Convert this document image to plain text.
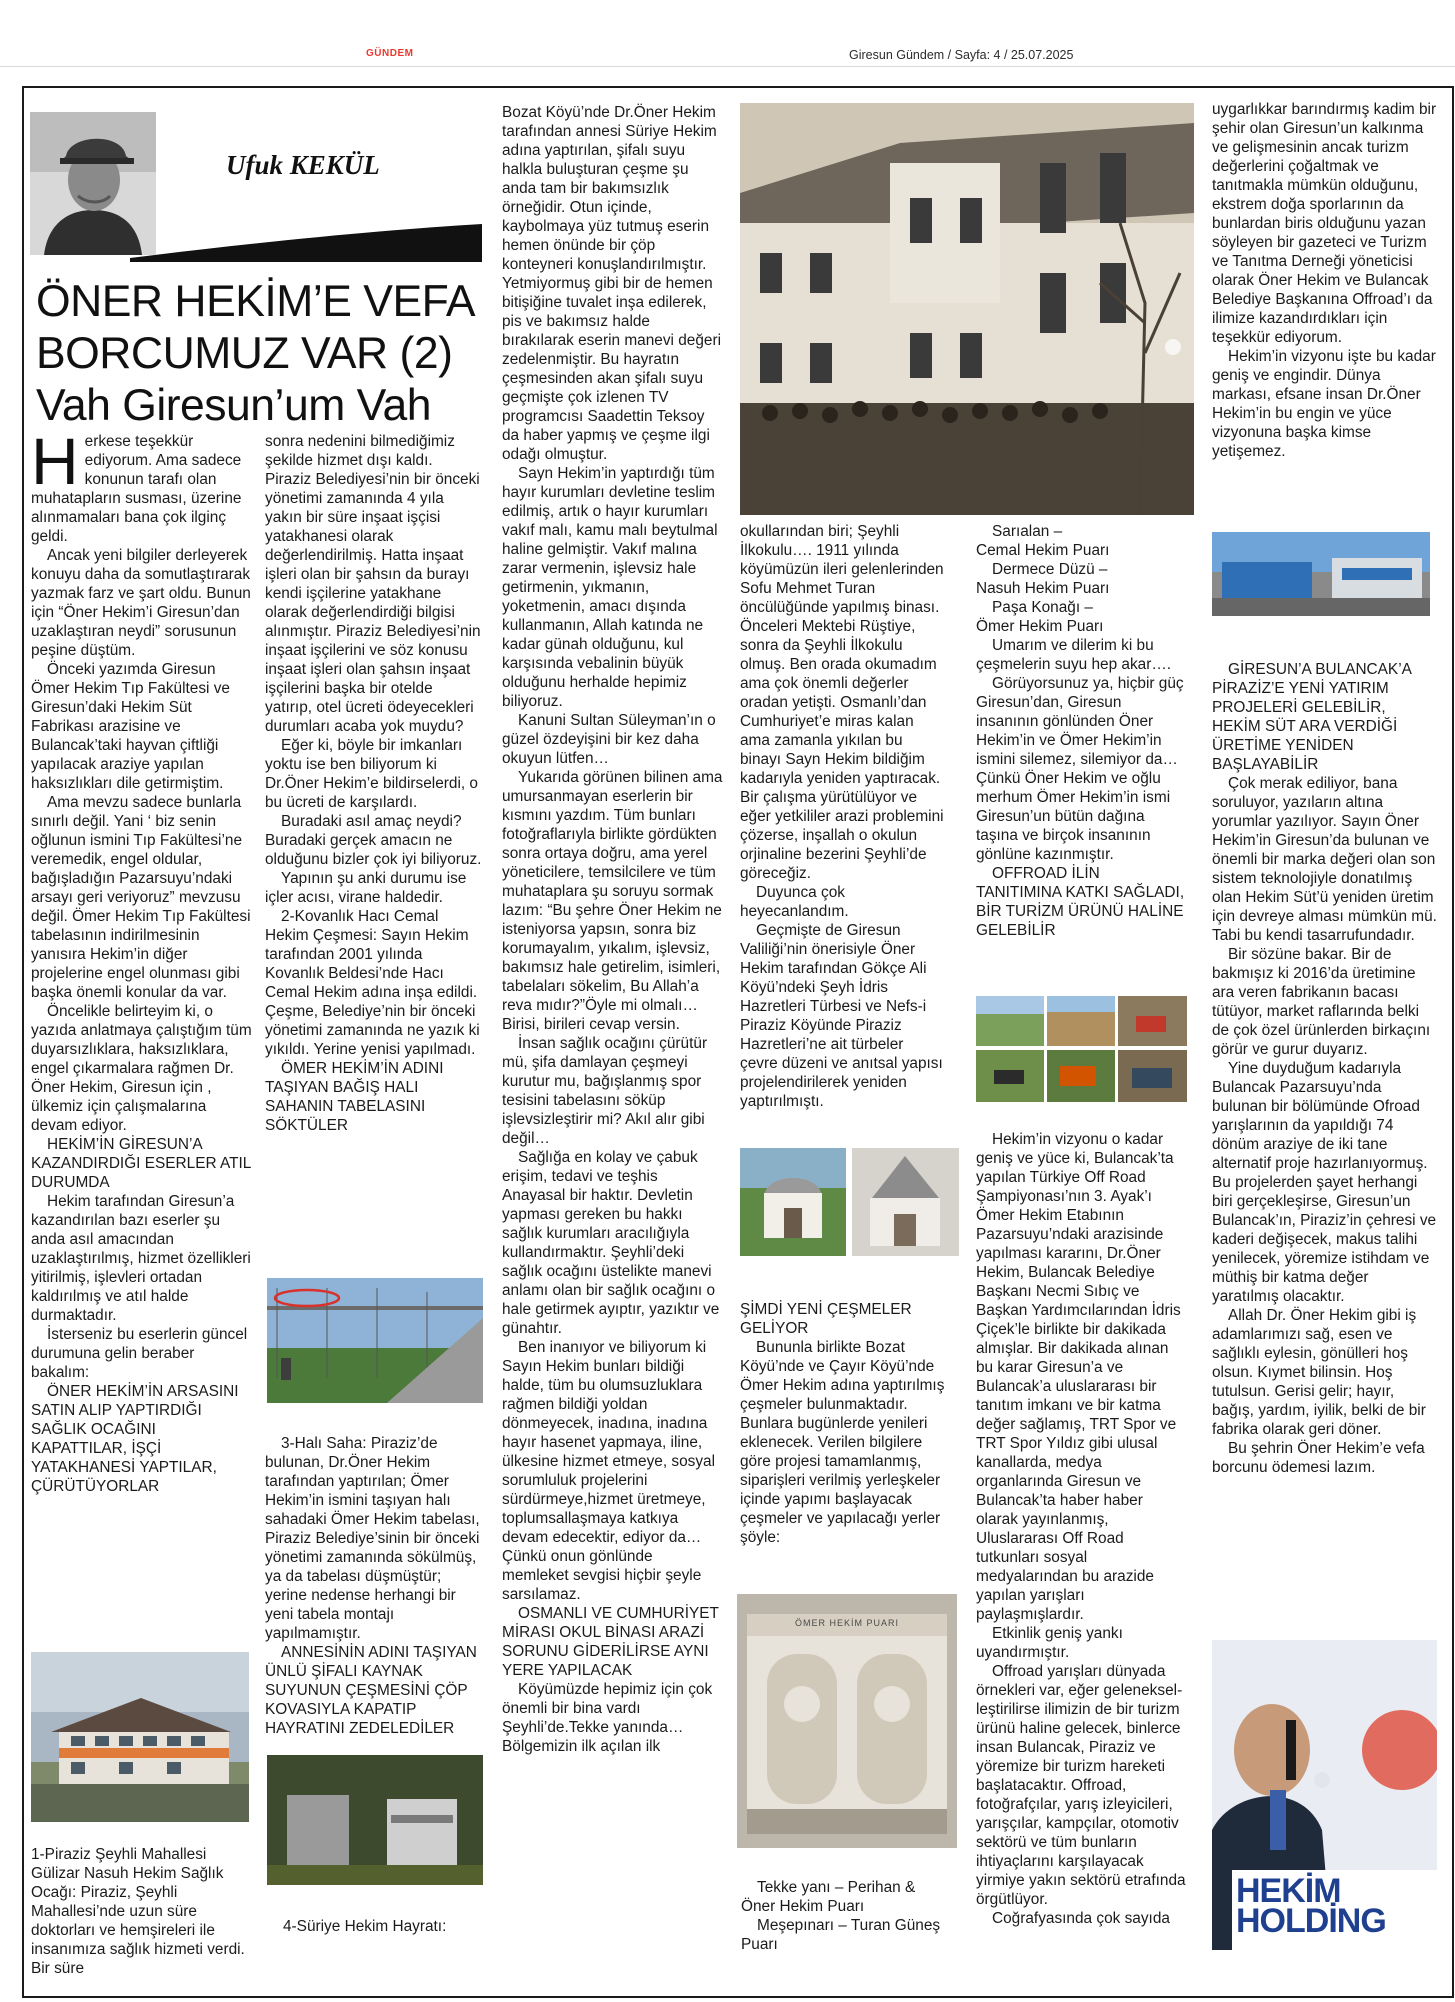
GÜNDEM	Giresun Gündem / Sayfa: 4 / 25.07.2025
Ufuk KEKÜL
ÖNER HEKİM’E VEFA
BORCUMUZ VAR (2)
Vah Giresun’um Vah
H erkese teşekkür ediyorum. Ama sadece konunun tarafı olan muhatapların susması, üzerine alınmamaları bana çok ilginç geldi.

Ancak yeni bilgiler derleyerek konuyu daha da somutlaştırarak yazmak farz ve şart oldu. Bunun için “Öner Hekim’i Giresun’dan uzaklaştıran neydi” sorusunun peşine düştüm.

Önceki yazımda Giresun Ömer Hekim Tıp Fakültesi ve Giresun’daki Hekim Süt Fabrikası arazisine ve Bulancak’taki hayvan çiftliği yapılacak araziye yapılan haksızlıkları dile getirmiştim.

Ama mevzu sadece bunlarla sınırlı değil. Yani ‘ biz senin oğlunun ismini Tıp Fakültesi’ne veremedik, engel oldular, bağışladığın Pazarsuyu’ndaki arsayı geri veriyoruz” mevzusu değil. Ömer Hekim Tıp Fakültesi tabelasının indirilmesinin yanısıra Hekim’in diğer projelerine engel olunması gibi başka önemli konular da var.

Öncelikle belirteyim ki, o yazıda anlatmaya çalıştığım tüm duyarsızlıklara, haksızlıklara, engel çıkarmalara rağmen Dr. Öner Hekim, Giresun için , ülkemiz için çalışmalarına devam ediyor.

HEKİM’İN GİRESUN’A KAZANDIRDIĞI ESERLER ATIL DURUMDA

Hekim tarafından Giresun’a kazandırılan bazı eserler şu anda asıl amacından uzaklaştırılmış, hizmet özellikleri yitirilmiş, işlevleri ortadan kaldırılmış ve atıl halde durmaktadır.

İsterseniz bu eserlerin güncel durumuna gelin beraber bakalım:

ÖNER HEKİM’İN ARSASINI SATIN ALIP YAPTIRDIĞI SAĞLIK OCAĞINI KAPATTILAR, İŞÇİ YATAKHANESİ YAPTILAR, ÇÜRÜTÜYORLAR

1-Piraziz Şeyhli Mahallesi Gülizar Nasuh Hekim Sağlık Ocağı: Piraziz, Şeyhli Mahallesi’nde uzun süre doktorları ve hemşireleri ile insanımıza sağlık hizmeti verdi. Bir süre

sonra nedenini bilmediğimiz şekilde hizmet dışı kaldı. Piraziz Belediyesi’nin bir önceki yönetimi zamanında 4 yıla yakın bir süre inşaat işçisi yatakhanesi olarak değerlendirilmiş. Hatta inşaat işleri olan bir şahsın da burayı kendi işçilerine yatakhane olarak değerlendirdiği bilgisi alınmıştır. Piraziz Belediyesi’nin inşaat işçilerini ve söz konusu inşaat işleri olan şahsın inşaat işçilerini başka bir otelde yatırıp, otel ücreti ödeyecekleri durumları acaba yok muydu?

Eğer ki, böyle bir imkanları yoktu ise ben biliyorum ki Dr.Öner Hekim’e bildirselerdi, o bu ücreti de karşılardı.

Buradaki asıl amaç neydi? Buradaki gerçek amacın ne olduğunu bizler çok iyi biliyoruz.

Yapının şu anki durumu ise içler acısı, virane haldedir.

2-Kovanlık Hacı Cemal Hekim Çeşmesi: Sayın Hekim tarafından 2001 yılında Kovanlık Beldesi’nde Hacı Cemal Hekim adına inşa edildi. Çeşme, Belediye’nin bir önceki yönetimi zamanında ne yazık ki yıkıldı. Yerine yenisi yapılmadı.

ÖMER HEKİM’İN ADINI TAŞIYAN BAĞIŞ HALI SAHANIN TABELASINI SÖKTÜLER

3-Halı Saha: Piraziz’de bulunan, Dr.Öner Hekim tarafından yaptırılan; Ömer Hekim’in ismini taşıyan halı sahadaki Ömer Hekim tabelası, Piraziz Belediye’sinin bir önceki yönetimi zamanında sökülmüş, ya da tabelası düşmüştür; yerine nedense herhangi bir yeni tabela montajı yapılmamıştır.

ANNESİNİN ADINI TAŞIYAN ÜNLÜ ŞİFALI KAYNAK SUYUNUN ÇEŞMESİNİ ÇÖP KOVASIYLA KAPATIP HAYRATINI ZEDELEDİLER

4-Süriye Hekim Hayratı:

Bozat Köyü’nde Dr.Öner Hekim tarafından annesi Süriye Hekim adına yaptırılan, şifalı suyu halkla buluşturan çeşme şu anda tam bir bakımsızlık örneğidir. Otun içinde, kaybolmaya yüz tutmuş eserin hemen önünde bir çöp konteyneri konuşlandırılmıştır. Yetmiyormuş gibi bir de hemen bitişiğine tuvalet inşa edilerek, pis ve bakımsız halde bırakılarak eserin manevi değeri zedelenmiştir. Bu hayratın çeşmesinden akan şifalı suyu geçmişte çok izlenen TV programcısı Saadettin Teksoy da haber yapmış ve çeşme ilgi odağı olmuştur.

Sayn Hekim’in yaptırdığı tüm hayır kurumları devletine teslim edilmiş, artık o hayır kurumları vakıf malı, kamu malı beytulmal haline gelmiştir. Vakıf malına zarar vermenin, işlevsiz hale getirmenin, yıkmanın, yoketmenin, amacı dışında kullanmanın, Allah katında ne kadar günah olduğunu, kul karşısında vebalinin büyük olduğunu herhalde hepimiz biliyoruz.

Kanuni Sultan Süleyman’ın o güzel özdeyişini bir kez daha okuyun lütfen…

Yukarıda görünen bilinen ama umursanmayan eserlerin bir kısmını yazdım. Tüm bunları fotoğraflarıyla birlikte gördükten sonra ortaya doğru, ama yerel yöneticilere, temsilcilere ve tüm muhataplara şu soruyu sormak lazım: “Bu şehre Öner Hekim ne isteniyorsa yapsın, sonra biz korumayalım, yıkalım, işlevsiz, bakımsız hale getirelim, isimleri, tabelaları sökelim, Bu Allah’a reva mıdır?”Öyle mi olmalı…Birisi, birileri cevap versin.

İnsan sağlık ocağını çürütür mü, şifa damlayan çeşmeyi kurutur mu, bağışlanmış spor tesisini tabelasını söküp işlevsizleştirir mi? Akıl alır gibi değil…

Sağlığa en kolay ve çabuk erişim, tedavi ve teşhis Anayasal bir haktır. Devletin yapması gereken bu hakkı sağlık kurumları aracılığıyla kullandırmaktır. Şeyhli’deki sağlık ocağını üstelikte manevi anlamı olan bir sağlık ocağını o hale getirmek ayıptır, yazıktır ve günahtır.

Ben inanıyor ve biliyorum ki Sayın Hekim bunları bildiği halde, tüm bu olumsuzluklara rağmen bildiği yoldan dönmeyecek, inadına, inadına hayır hasenet yapmaya, iline, ülkesine hizmet etmeye, sosyal sorumluluk projelerini sürdürmeye,hizmet üretmeye, toplumsallaşmaya katkıya devam edecektir, ediyor da…Çünkü onun gönlünde memleket sevgisi hiçbir şeyle sarsılamaz.

OSMANLI VE CUMHURİYET MİRASI OKUL BİNASI ARAZİ SORUNU GİDERİLİRSE AYNI YERE YAPILACAK

Köyümüzde hepimiz için çok önemli bir bina vardı Şeyhli’de.Tekke yanında… Bölgemizin ilk açılan ilk

okullarından biri; Şeyhli İlkokulu…. 1911 yılında köyümüzün ileri gelenlerinden Sofu Mehmet Turan öncülüğünde yapılmış binası. Önceleri Mektebi Rüştiye, sonra da Şeyhli İlkokulu olmuş. Ben orada okumadım ama çok önemli değerler oradan yetişti. Osmanlı’dan Cumhuriyet’e miras kalan ama zamanla yıkılan bu binayı Sayn Hekim bildiğim kadarıyla yeniden yaptıracak. Bir çalışma yürütülüyor ve eğer yetkililer arazi problemini çözerse, inşallah o okulun orjinaline bezerini Şeyhli’de göreceğiz.

Duyunca çok heyecanlandım.

Geçmişte de Giresun Valiliği’nin önerisiyle Öner Hekim tarafından Gökçe Ali Köyü’ndeki Şeyh İdris Hazretleri Türbesi ve Nefs-i Piraziz Köyünde Piraziz Hazretleri’ne ait türbeler çevre düzeni ve anıtsal yapısı projelendirilerek yeniden yaptırılmıştı.

ŞİMDİ YENİ ÇEŞMELER GELİYOR

Bununla birlikte Bozat Köyü’nde ve Çayır Köyü’nde Ömer Hekim adına yaptırılmış çeşmeler bulunmaktadır. Bunlara bugünlerde yenileri eklenecek. Verilen bilgilere göre projesi tamamlanmış, siparişleri verilmiş yerleşkeler içinde yapımı başlayacak çeşmeler ve yapılacağı yerler şöyle:

ÖMER HEKİM PUARI

Tekke yanı – Perihan & Öner Hekim Puarı

Meşepınarı – Turan Güneş Puarı

Sarıalan –

Cemal Hekim Puarı

Dermece Düzü –

Nasuh Hekim Puarı

Paşa Konağı –

Ömer Hekim Puarı

Umarım ve dilerim ki bu çeşmelerin suyu hep akar….

Görüyorsunuz ya, hiçbir güç Giresun’dan, Giresun insanının gönlünden Öner Hekim’in ve Ömer Hekim’in ismini silemez, silemiyor da… Çünkü Öner Hekim ve oğlu merhum Ömer Hekim’in ismi Giresun’un bütün dağına taşına ve birçok insanının gönlüne kazınmıştır.

OFFROAD İLİN TANITIMINA KATKI SAĞLADI, BİR TURİZM ÜRÜNÜ HALİNE GELEBİLİR

Hekim’in vizyonu o kadar geniş ve yüce ki, Bulancak’ta yapılan Türkiye Off Road Şampiyonası’nın 3. Ayak’ı Ömer Hekim Etabının Pazarsuyu’ndaki arazisinde yapılması kararını, Dr.Öner Hekim, Bulancak Belediye Başkanı Necmi Sıbıç ve Başkan Yardımcılarından İdris Çiçek’le birlikte bir dakikada almışlar. Bir dakikada alınan bu karar Giresun’a ve Bulancak’a uluslararası bir tanıtım imkanı ve bir katma değer sağlamış, TRT Spor ve TRT Spor Yıldız gibi ulusal kanallarda, medya organlarında Giresun ve Bulancak’ta haber haber olarak yayınlanmış, Uluslararası Off Road tutkunları sosyal medyalarından bu arazide yapılan yarışları paylaşmışlardır.

Etkinlik geniş yankı uyandırmıştır.

Offroad yarışları dünyada örnekleri var, eğer gelenekselleştirilirse ilimizin de bir turizm ürünü haline gelecek, binlerce insan Bulancak, Piraziz ve yöremize bir turizm hareketi başlatacaktır. Offroad, fotoğrafçılar, yarış izleyicileri, yarışçılar, kampçılar, otomotiv sektörü ve tüm bunların ihtiyaçlarını karşılayacak yirmiye yakın sektörü etrafında örgütlüyor.

Coğrafyasında çok sayıda

uygarlıkkar barındırmış kadim bir şehir olan Giresun’un kalkınma ve gelişmesinin ancak turizm değerlerini çoğaltmak ve tanıtmakla mümkün olduğunu, ekstrem doğa sporlarının da bunlardan biris olduğunu yazan söyleyen bir gazeteci ve Turizm ve Tanıtma Derneği yöneticisi olarak Öner Hekim ve Bulancak Belediye Başkanına Offroad’ı da ilimize kazandırdıkları için teşekkür ediyorum.

Hekim’in vizyonu işte bu kadar geniş ve engindir. Dünya markası, efsane insan Dr.Öner Hekim’in bu engin ve yüce vizyonuna başka kimse yetişemez.

GİRESUN’A BULANCAK’A PİRAZİZ’E YENİ YATIRIM PROJELERİ GELEBİLİR, HEKİM SÜT ARA VERDİĞİ ÜRETİME YENİDEN BAŞLAYABİLİR

Çok merak ediliyor, bana soruluyor, yazıların altına yorumlar yazılıyor. Sayın Öner Hekim’in Giresun’da bulunan ve önemli bir marka değeri olan son sistem teknolojiyle donatılmış olan Hekim Süt’ü yeniden üretim için devreye alması mümkün mü. Tabi bu kendi tasarrufundadır.

Bir sözüne bakar. Bir de bakmışız ki 2016’da üretimine ara veren fabrikanın bacası tütüyor, market raflarında belki de çok özel ürünlerden birkaçını görür ve gurur duyarız.

Yine duyduğum kadarıyla Bulancak Pazarsuyu’nda bulunan bir bölümünde Ofroad yarışlarının da yapıldığı 74 dönüm araziye de iki tane alternatif proje hazırlanıyormuş. Bu projelerden şayet herhangi biri gerçekleşirse, Giresun’un Bulancak’ın, Piraziz’in çehresi ve kaderi değişecek, makus talihi yenilecek, yöremize istihdam ve müthiş bir katma değer yaratılmış olacaktır.

Allah Dr. Öner Hekim gibi iş adamlarımızı sağ, esen ve sağlıklı eylesin, gönülleri hoş olsun. Kıymet bilinsin. Hoş tutulsun. Gerisi gelir; hayır, bağış, yardım, iyilik, belki de bir fabrika olarak geri döner.

Bu şehrin Öner Hekim’e vefa borcunu ödemesi lazım.

HEKİM HOLDİNG
